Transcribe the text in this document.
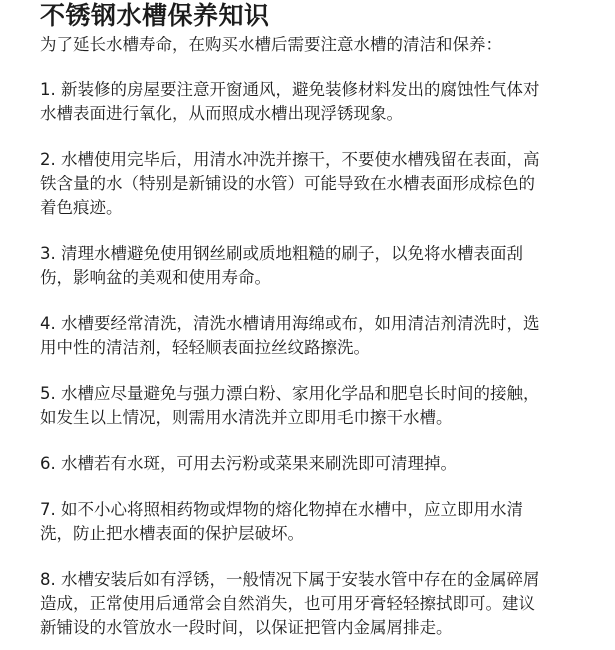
不锈钢水槽保养知识

为了延长水槽寿命，在购买水槽后需要注意水槽的清洁和保养：

1. 新装修的房屋要注意开窗通风，避免装修材料发出的腐蚀性气体对
水槽表面进行氧化，从而照成水槽出现浮锈现象。
2. 水槽使用完毕后，用清水冲洗并擦干，不要使水槽残留在表面，高
铁含量的水（特别是新铺设的水管）可能导致在水槽表面形成棕色的
着色痕迹。
3. 清理水槽避免使用钢丝刷或质地粗糙的刷子，以免将水槽表面刮
伤，影响盆的美观和使用寿命。
4. 水槽要经常清洗，清洗水槽请用海绵或布，如用清洁剂清洗时，选
用中性的清洁剂，轻轻顺表面拉丝纹路擦洗。
5. 水槽应尽量避免与强力漂白粉、家用化学品和肥皂长时间的接触，
如发生以上情况，则需用水清洗并立即用毛巾擦干水槽。
6. 水槽若有水斑，可用去污粉或菜果来刷洗即可清理掉。
7. 如不小心将照相药物或焊物的熔化物掉在水槽中，应立即用水清
洗，防止把水槽表面的保护层破坏。
8. 水槽安装后如有浮锈，一般情况下属于安装水管中存在的金属碎屑
造成，正常使用后通常会自然消失，也可用牙膏轻轻擦拭即可。建议
新铺设的水管放水一段时间，以保证把管内金属屑排走。
